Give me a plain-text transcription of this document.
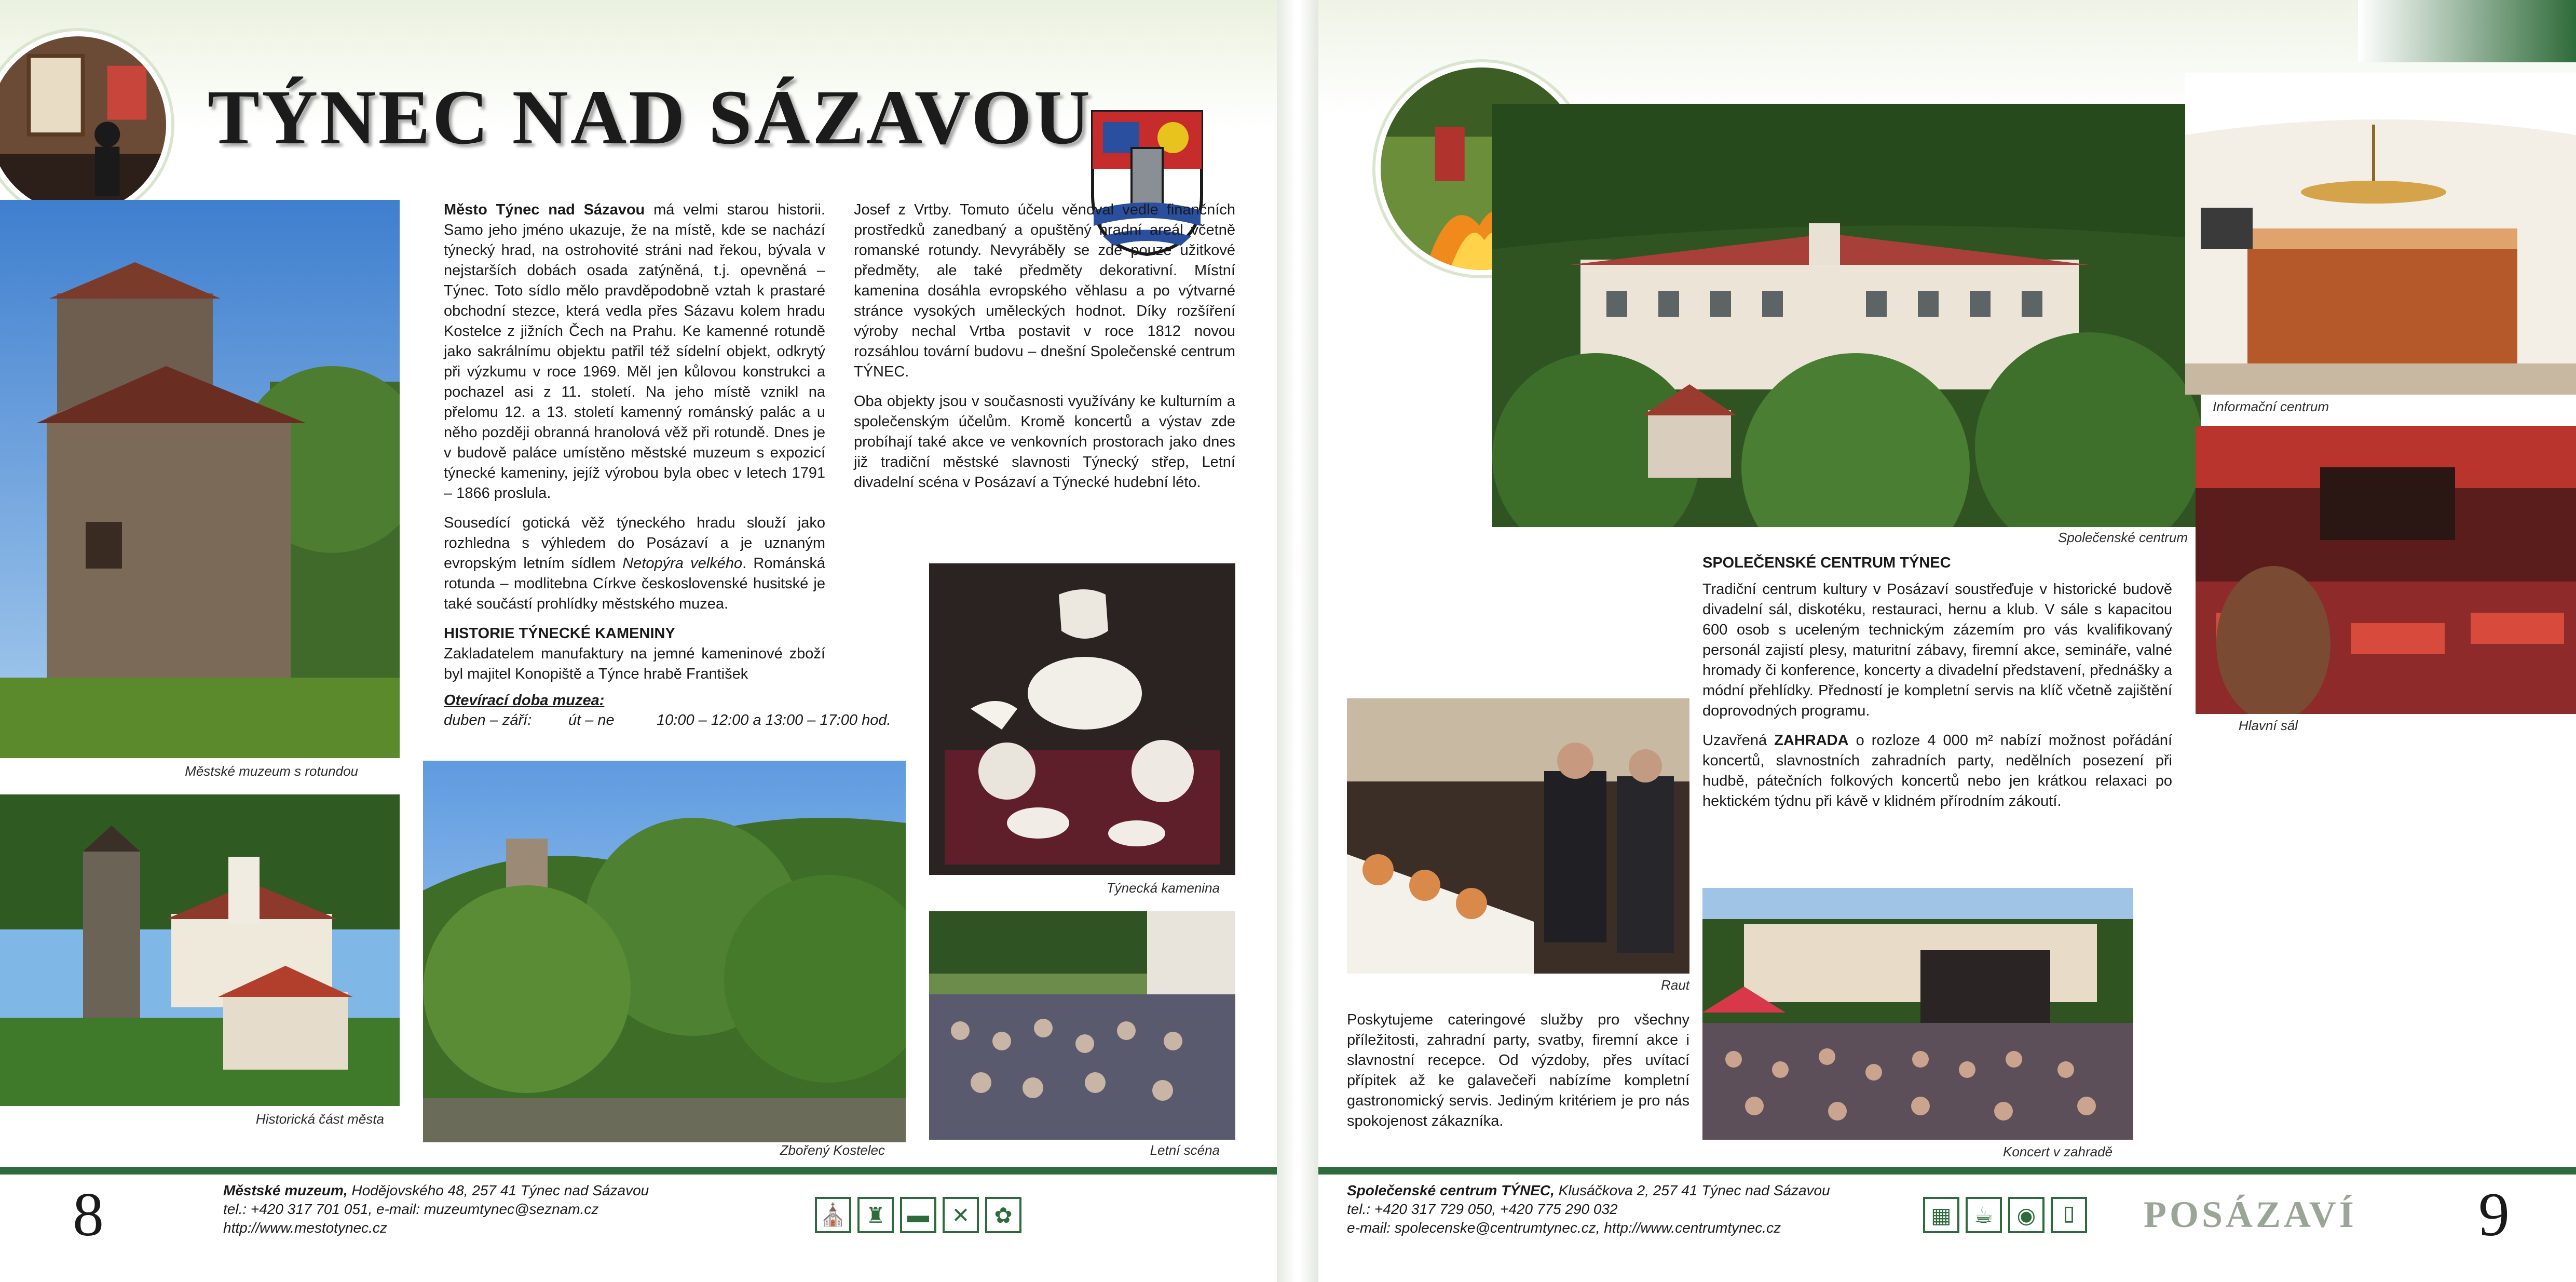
TÝNEC NAD SÁZAVOU
Městské muzeum s rotundou
Historická část města

Město Týnec nad Sázavou má velmi starou historii. Samo jeho jméno ukazuje, že na místě, kde se nachází týnecký hrad, na ostrohovité stráni nad řekou, bývala v nejstarších dobách osada zatýněná, t.j. opevněná – Týnec. Toto sídlo mělo pravděpodobně vztah k prastaré obchodní stezce, která vedla přes Sázavu kolem hradu Kostelce z jižních Čech na Prahu. Ke kamenné rotundě jako sakrálnímu objektu patřil též sídelní objekt, odkrytý při výzkumu v roce 1969. Měl jen kůlovou konstrukci a pochazel asi z 11. století. Na jeho místě vznikl na přelomu 12. a 13. století kamenný románský palác a u něho později obranná hranolová věž při rotundě. Dnes je v budově paláce umístěno městské muzeum s expozicí týnecké kameniny, jejíž výrobou byla obec v letech 1791 – 1866 proslula.

Sousedící gotická věž týneckého hradu slouží jako rozhledna s výhledem do Posázaví a je uznaným evropským letním sídlem Netopýra velkého. Románská rotunda – modlitebna Církve československé husitské je také součástí prohlídky městského muzea.

HISTORIE TÝNECKÉ KAMENINY

Zakladatelem manufaktury na jemné kameninové zboží byl majitel Konopiště a Týnce hrabě František

Josef z Vrtby. Tomuto účelu věnoval vedle finančních prostředků zanedbaný a opuštěný hradní areál včetně romanské rotundy. Nevyráběly se zde pouze užitkové předměty, ale také předměty dekorativní. Místní kamenina dosáhla evropského věhlasu a po výtvarné stránce vysokých uměleckých hodnot. Díky rozšíření výroby nechal Vrtba postavit v roce 1812 novou rozsáhlou tovární budovu – dnešní Společenské centrum TÝNEC.

Oba objekty jsou v současnosti využívány ke kulturním a společenským účelům. Kromě koncertů a výstav zde probíhají také akce ve venkovních prostorach jako dnes již tradiční městské slavnosti Týnecký střep, Letní divadelní scéna v Posázaví a Týnecké hudební léto.

Otevírací doba muzea:
duben – září: út – ne	10:00 – 12:00 a 13:00 – 17:00 hod.
Týnecká kamenina
Zbořený Kostelec	Letní scéna
8	Městské muzeum, Hodějovského 48, 257 41 Týnec nad Sázavou
tel.: +420 317 701 051, e-mail: muzeumtynec@seznam.cz
http://www.mestotynec.cz
⛪ ♜	▬	✕	✿
Společenské centrum
Informační centrum
Hlavní sál
SPOLEČENSKÉ CENTRUM TÝNEC

Tradiční centrum kultury v Posázaví soustřeďuje v historické budově divadelní sál, diskotéku, restauraci, hernu a klub. V sále s kapacitou 600 osob s uceleným technickým zázemím pro vás kvalifikovaný personál zajistí plesy, maturitní zábavy, firemní akce, semináře, valné hromady či konference, koncerty a divadelní představení, přednášky a módní přehlídky. Předností je kompletní servis na klíč včetně zajištění doprovodných programu.

Uzavřená ZAHRADA o rozloze 4 000 m² nabízí možnost pořádání koncertů, slavnostních zahradních party, nedělních posezení při hudbě, pátečních folkových koncertů nebo jen krátkou relaxaci po hektickém týdnu při kávě v klidném přírodním zákoutí.

Raut

Poskytujeme cateringové služby pro všechny příležitosti, zahradní party, svatby, firemní akce i slavnostní recepce. Od výzdoby, přes uvítací přípitek až ke galavečeři nabízíme kompletní gastronomický servis. Jediným kritériem je pro nás spokojenost zákazníka.

Koncert v zahradě
Společenské centrum TÝNEC, Klusáčkova 2, 257 41 Týnec nad Sázavou
tel.: +420 317 729 050, +420 775 290 032
e-mail: spolecenske@centrumtynec.cz, http://www.centrumtynec.cz
▦	☕	◉	⌷	POSÁZAVÍ 9
